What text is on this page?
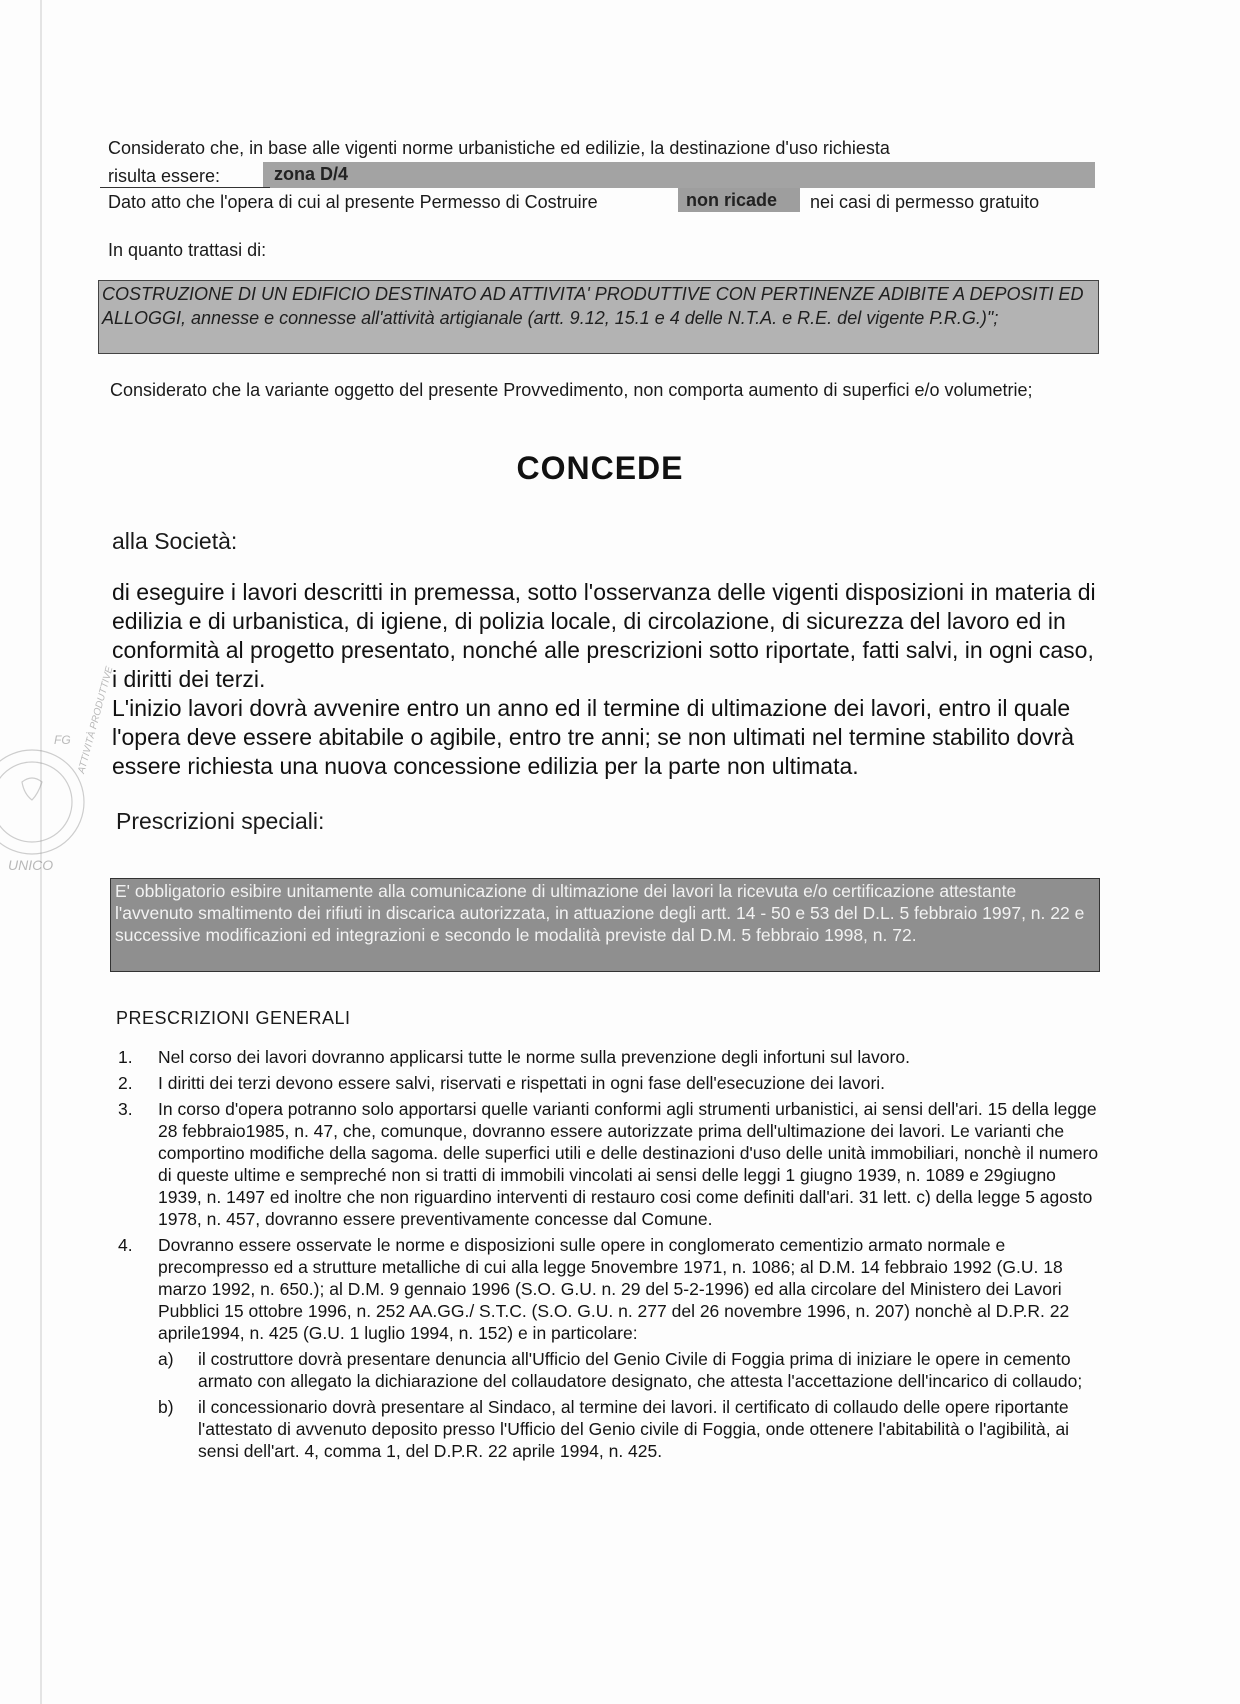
Considerato che, in base alle vigenti norme urbanistiche ed edilizie, la destinazione d'uso richiesta

risulta essere:	zona D/4

Dato atto che l'opera di cui al presente Permesso di Costruire	non ricade nei casi di permesso gratuito

In quanto trattasi di:

COSTRUZIONE DI UN EDIFICIO DESTINATO AD ATTIVITA' PRODUTTIVE CON PERTINENZE ADIBITE A DEPOSITI ED ALLOGGI, annesse e connesse all'attività artigianale (artt. 9.12, 15.1 e 4 delle N.T.A. e R.E. del vigente P.R.G.)";

Considerato che la variante oggetto del presente Provvedimento, non comporta aumento di superfici e/o volumetrie;

CONCEDE

alla Società:

di eseguire i lavori descritti in premessa, sotto l'osservanza delle vigenti disposizioni in materia di edilizia e di urbanistica, di igiene, di polizia locale, di circolazione, di sicurezza del lavoro ed in conformità al progetto presentato, nonché alle prescrizioni sotto riportate, fatti salvi, in ogni caso, i diritti dei terzi.
L'inizio lavori dovrà avvenire entro un anno ed il termine di ultimazione dei lavori, entro il quale l'opera deve essere abitabile o agibile, entro tre anni; se non ultimati nel termine stabilito dovrà essere richiesta una nuova concessione edilizia per la parte non ultimata.

Prescrizioni speciali:

E' obbligatorio esibire unitamente alla comunicazione di ultimazione dei lavori la ricevuta e/o certificazione attestante l'avvenuto smaltimento dei rifiuti in discarica autorizzata, in attuazione degli artt. 14 - 50 e 53 del D.L. 5 febbraio 1997, n. 22 e successive modificazioni ed integrazioni e secondo le modalità previste dal D.M. 5 febbraio 1998, n. 72.

PRESCRIZIONI GENERALI

1. Nel corso dei lavori dovranno applicarsi tutte le norme sulla prevenzione degli infortuni sul lavoro.
2. I diritti dei terzi devono essere salvi, riservati e rispettati in ogni fase dell'esecuzione dei lavori.
3. In corso d'opera potranno solo apportarsi quelle varianti conformi agli strumenti urbanistici, ai sensi dell'ari. 15 della legge 28 febbraio1985, n. 47, che, comunque, dovranno essere autorizzate prima dell'ultimazione dei lavori. Le varianti che comportino modifiche della sagoma. delle superfici utili e delle destinazioni d'uso delle unità immobiliari, nonchè il numero di queste ultime e sempreché non si tratti di immobili vincolati ai sensi delle leggi 1 giugno 1939, n. 1089 e 29giugno 1939, n. 1497 ed inoltre che non riguardino interventi di restauro cosi come definiti dall'ari. 31 lett. c) della legge 5 agosto 1978, n. 457, dovranno essere preventivamente concesse dal Comune.
4. Dovranno essere osservate le norme e disposizioni sulle opere in conglomerato cementizio armato normale e precompresso ed a strutture metalliche di cui alla legge 5novembre 1971, n. 1086; al D.M. 14 febbraio 1992 (G.U. 18 marzo 1992, n. 650.); al D.M. 9 gennaio 1996 (S.O. G.U. n. 29 del 5-2-1996) ed alla circolare del Ministero dei Lavori Pubblici 15 ottobre 1996, n. 252 AA.GG./ S.T.C. (S.O. G.U. n. 277 del 26 novembre 1996, n. 207) nonchè al D.P.R. 22 aprile1994, n. 425 (G.U. 1 luglio 1994, n. 152) e in particolare:
a) il costruttore dovrà presentare denuncia all'Ufficio del Genio Civile di Foggia prima di iniziare le opere in cemento armato con allegato la dichiarazione del collaudatore designato, che attesta l'accettazione dell'incarico di collaudo;
b) il concessionario dovrà presentare al Sindaco, al termine dei lavori. il certificato di collaudo delle opere riportante l'attestato di avvenuto deposito presso l'Ufficio del Genio civile di Foggia, onde ottenere l'abitabilità o l'agibilità, ai sensi dell'art. 4, comma 1, del D.P.R. 22 aprile 1994, n. 425.
UNICO
ATTIVITÀ PRODUTTIVE
FG
